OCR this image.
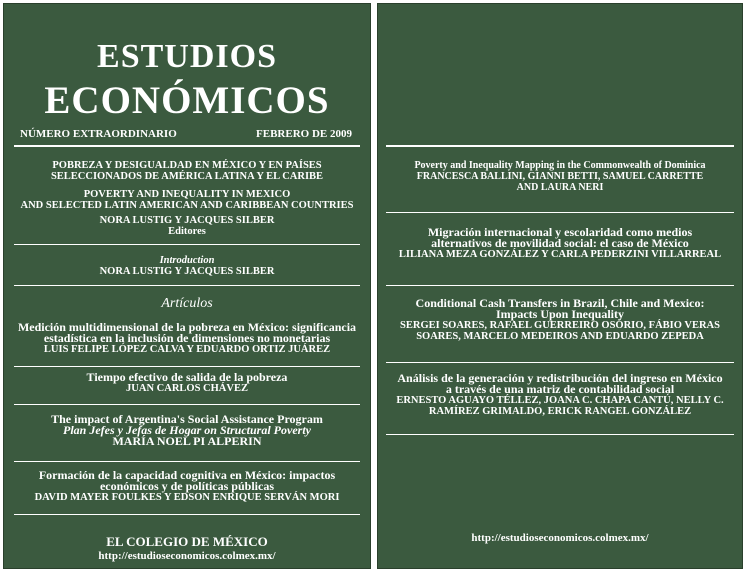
ESTUDIOS
ECONÓMICOS
NÚMERO EXTRAORDINARIO	FEBRERO DE 2009
POBREZA Y DESIGUALDAD EN MÉXICO Y EN PAÍSES
SELECCIONADOS DE AMÉRICA LATINA Y EL CARIBE
POVERTY AND INEQUALITY IN MEXICO
AND SELECTED LATIN AMERICAN AND CARIBBEAN COUNTRIES
NORA LUSTIG Y JACQUES SILBER
Editores
Introduction
NORA LUSTIG Y JACQUES SILBER
Artículos
Medición multidimensional de la pobreza en México: significancia
estadística en la inclusión de dimensiones no monetarias
LUIS FELIPE LÓPEZ CALVA Y EDUARDO ORTIZ JUÁREZ
Tiempo efectivo de salida de la pobreza
JUAN CARLOS CHÁVEZ
The impact of Argentina's Social Assistance Program
Plan Jefes y Jefas de Hogar on Structural Poverty
MARÍA NOEL PI ALPERIN
Formación de la capacidad cognitiva en México: impactos
económicos y de políticas públicas
DAVID MAYER FOULKES Y EDSON ENRIQUE SERVÁN MORI
EL COLEGIO DE MÉXICO
http://estudioseconomicos.colmex.mx/
Poverty and Inequality Mapping in the Commonwealth of Dominica
FRANCESCA BALLINI, GIANNI BETTI, SAMUEL CARRETTE
AND LAURA NERI
Migración internacional y escolaridad como medios
alternativos de movilidad social: el caso de México
LILIANA MEZA GONZÁLEZ Y CARLA PEDERZINI VILLARREAL
Conditional Cash Transfers in Brazil, Chile and Mexico:
Impacts Upon Inequality
SERGEI SOARES, RAFAEL GUERREIRO OSÓRIO, FÁBIO VERAS
SOARES, MARCELO MEDEIROS AND EDUARDO ZEPEDA
Análisis de la generación y redistribución del ingreso en México
a través de una matriz de contabilidad social
ERNESTO AGUAYO TÉLLEZ, JOANA C. CHAPA CANTÚ, NELLY C.
RAMÍREZ GRIMALDO, ERICK RANGEL GONZÁLEZ
http://estudioseconomicos.colmex.mx/
